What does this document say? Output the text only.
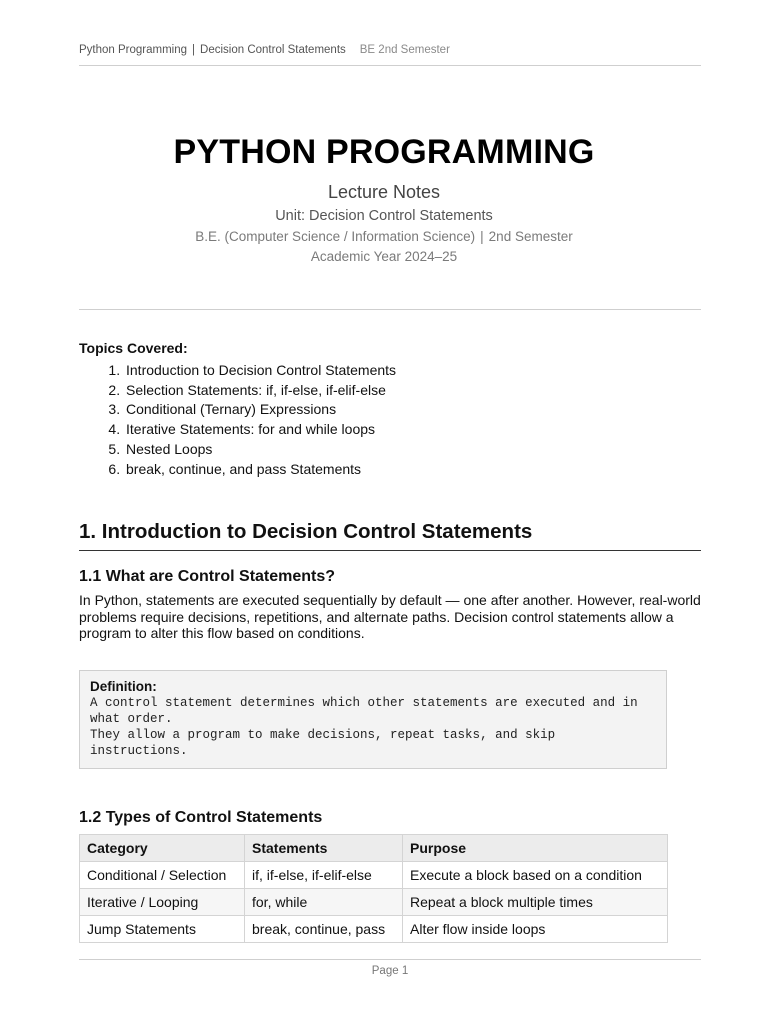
Python Programming | Decision Control Statements BE 2nd Semester
PYTHON PROGRAMMING
Lecture Notes
Unit: Decision Control Statements
B.E. (Computer Science / Information Science) | 2nd Semester
Academic Year 2024–25
Topics Covered:
1. Introduction to Decision Control Statements
2. Selection Statements: if, if-else, if-elif-else
3. Conditional (Ternary) Expressions
4. Iterative Statements: for and while loops
5. Nested Loops
6. break, continue, and pass Statements
1. Introduction to Decision Control Statements
1.1 What are Control Statements?

In Python, statements are executed sequentially by default — one after another. However, real-world problems require decisions, repetitions, and alternate paths. Decision control statements allow a program to alter this flow based on conditions.

Definition:
A control statement determines which other statements are executed and in what order.
They allow a program to make decisions, repeat tasks, and skip instructions.
1.2 Types of Control Statements
Category	Statements	Purpose
Conditional / Selection	if, if-else, if-elif-else	Execute a block based on a condition
Iterative / Looping	for, while	Repeat a block multiple times
Jump Statements	break, continue, pass	Alter flow inside loops
Page 1
